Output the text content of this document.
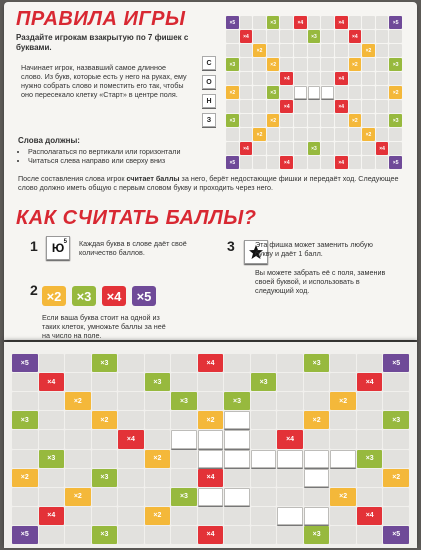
ПРАВИЛА ИГРЫ

Раздайте игрокам взакрытую по 7 фишек с буквами.

Начинает игрок, назвавший самое длинное слово. Из букв, которые есть у него на руках, ему нужно собрать слово и поместить его так, чтобы оно пересекало клетку «Старт» в центре поля.

С
О
Н
З
×5	×3	×4	×4	×5
×4	×3	×4
×2	×2
×3	×2	×2	×3
×4	×4
×2	×3	К	О	Т	×2
×4	×4
×3	×2	×2	×3
×2	×2
×4	×3	×4
×5	×4	×4	×5

Слова должны:

• Располагаться по вертикали или горизонтали
• Читаться слева направо или сверху вниз

После составления слова игрок считает баллы за него, берёт недостающие фишки и передаёт ход. Следующее слово должно иметь общую с первым словом букву и проходить через него.

КАК СЧИТАТЬ БАЛЛЫ?
1 $Ю^5$ Каждая буква в слове даёт своё количество баллов.

2 ×2	×3	×4	×5

Если ваша буква стоит на одной из таких клеток, умножьте баллы за неё на число на поле.

3	Эта фишка может заменить любую букву и даёт 1 балл.

Вы можете забрать её с поля, заменив своей буквой, и использовать в следующий ход.

×5	×3	×4	×3	×5
×4	×3	×3	×4
×2	×3	×3	×2
×3	×2	×2	Т	×2	×3
×4	К	О	Т	×4
×3	×2	К	А	Р	Е	Т	А	×3
×2	×3	×4	А	×2
×2	×3	Л	О	×2
×4	×2	С	А	×4
×5	×3	×4	×3	×5
